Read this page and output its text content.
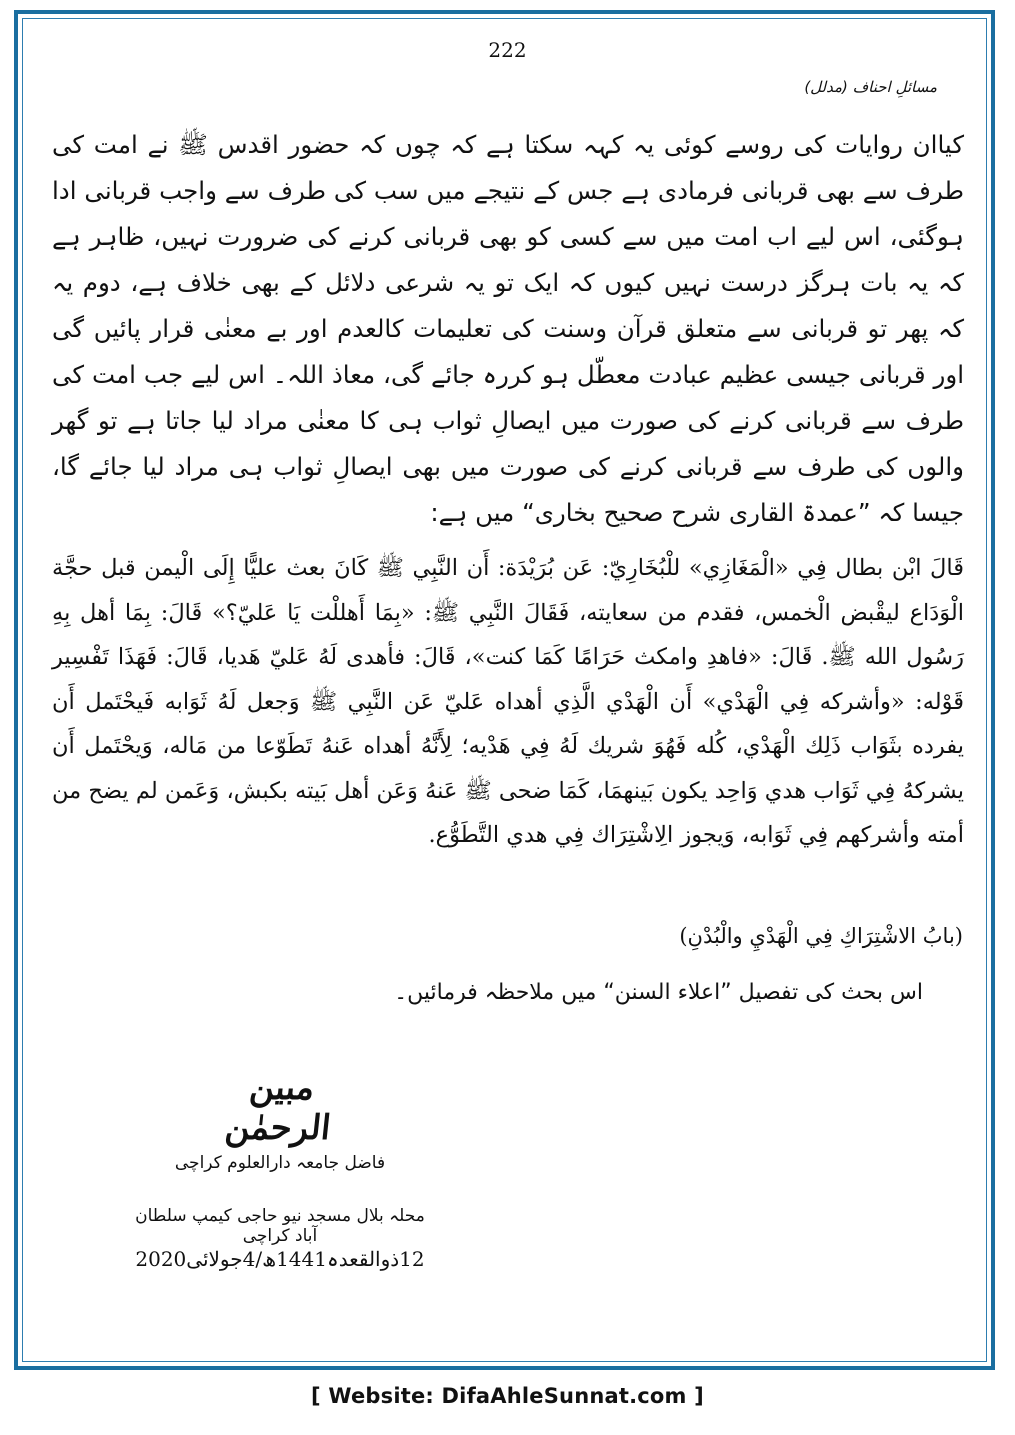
222
مسائلِ احناف (مدلل)
کیاان روایات کی روسے کوئی یہ کہہ سکتا ہے کہ چوں کہ حضور اقدس ﷺ نے امت کی طرف سے بھی قربانی فرمادی ہے جس کے نتیجے میں سب کی طرف سے واجب قربانی ادا ہوگئی، اس لیے اب امت میں سے کسی کو بھی قربانی کرنے کی ضرورت نہیں، ظاہر ہے کہ یہ بات ہرگز درست نہیں کیوں کہ ایک تو یہ شرعی دلائل کے بھی خلاف ہے، دوم یہ کہ پھر تو قربانی سے متعلق قرآن وسنت کی تعلیمات کالعدم اور بے معنٰی قرار پائیں گی اور قربانی جیسی عظیم عبادت معطّل ہو کررہ جائے گی، معاذ اللہ۔ اس لیے جب امت کی طرف سے قربانی کرنے کی صورت میں ایصالِ ثواب ہی کا معنٰی مراد لیا جاتا ہے تو گھر والوں کی طرف سے قربانی کرنے کی صورت میں بھی ایصالِ ثواب ہی مراد لیا جائے گا، جیسا کہ ”عمدۃ القاری شرح صحیح بخاری“ میں ہے:
قَالَ ابْن بطال فِي «الْمَغَازِي» للْبُخَارِيّ: عَن بُرَيْدَة: أَن النَّبِي ﷺ كَانَ بعث عليًّا إِلَى الْيمن قبل حجَّة الْوَدَاع ليقْبض الْخمس، فقدم من سعايته، فَقَالَ النَّبِي ﷺ: «بِمَا أَهللْت يَا عَليّ؟» قَالَ: بِمَا أهل بِهِ رَسُول الله ﷺ. قَالَ: «فاهدِ وامكث حَرَامًا كَمَا كنت»، قَالَ: فأهدى لَهُ عَليّ هَديا، قَالَ: فَهَذَا تَفْسِير قَوْله: «وأشركه فِي الْهَدْي» أَن الْهَدْي الَّذِي أهداه عَليّ عَن النَّبِي ﷺ وَجعل لَهُ ثَوَابه فَيحْتَمل أَن يفرده بثَوَاب ذَلِك الْهَدْي، كُله فَهُوَ شريك لَهُ فِي هَدْيه؛ لِأَنَّهُ أهداه عَنهُ تَطَوّعا من مَاله، وَيحْتَمل أَن يشركهُ فِي ثَوَاب هدي وَاحِد يكون بَينهمَا، كَمَا ضحى ﷺ عَنهُ وَعَن أهل بَيته بكبش، وَعَمن لم يضح من أمته وأشركهم فِي ثَوَابه، وَيجوز الِاشْتِرَاك فِي هدي التَّطَوُّع.
(بابُ الاشْتِرَاكِ فِي الْهَدْيِ والْبُدْنِ)
اس بحث کی تفصیل ”اعلاء السنن“ میں ملاحظہ فرمائیں۔
مبین الرحمٰن
فاضل جامعہ دارالعلوم کراچی
محلہ بلال مسجد نیو حاجی کیمپ سلطان آباد کراچی
12ذوالقعدہ1441ھ/4جولائی2020
[ Website: DifaAhleSunnat.com ]
